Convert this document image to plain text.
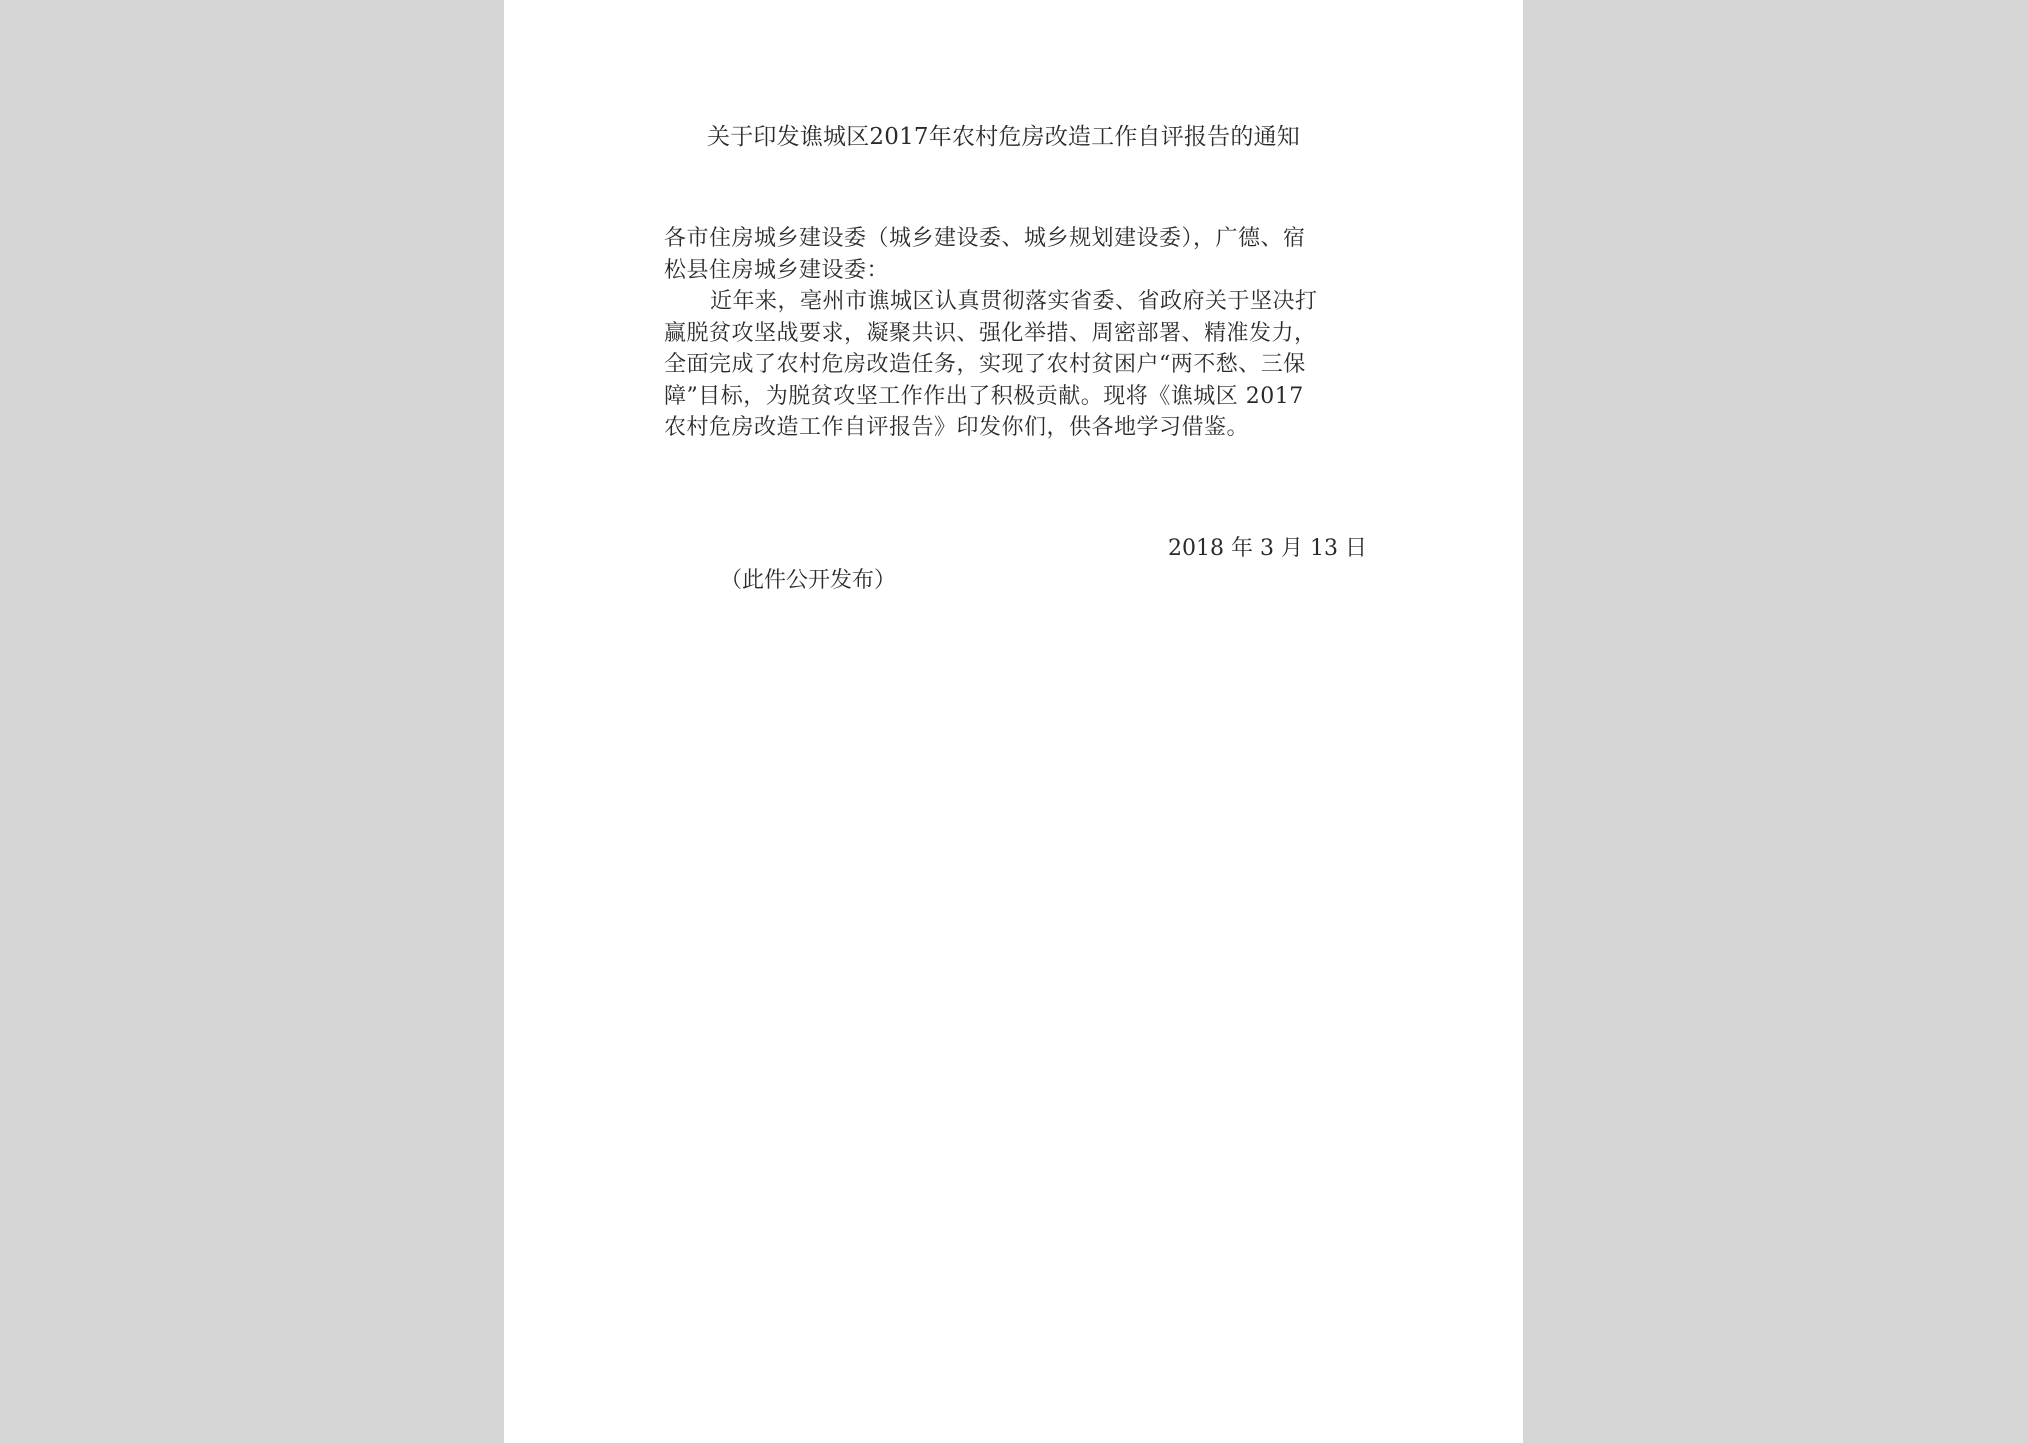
关于印发谯城区2017年农村危房改造工作自评报告的通知
各市住房城乡建设委（城乡建设委、城乡规划建设委），广德、宿
松县住房城乡建设委：
近年来，亳州市谯城区认真贯彻落实省委、省政府关于坚决打
赢脱贫攻坚战要求，凝聚共识、强化举措、周密部署、精准发力，
全面完成了农村危房改造任务，实现了农村贫困户“两不愁、三保
障”目标，为脱贫攻坚工作作出了积极贡献。现将《谯城区 2017
农村危房改造工作自评报告》印发你们，供各地学习借鉴。
2018 年 3 月 13 日
（此件公开发布）
